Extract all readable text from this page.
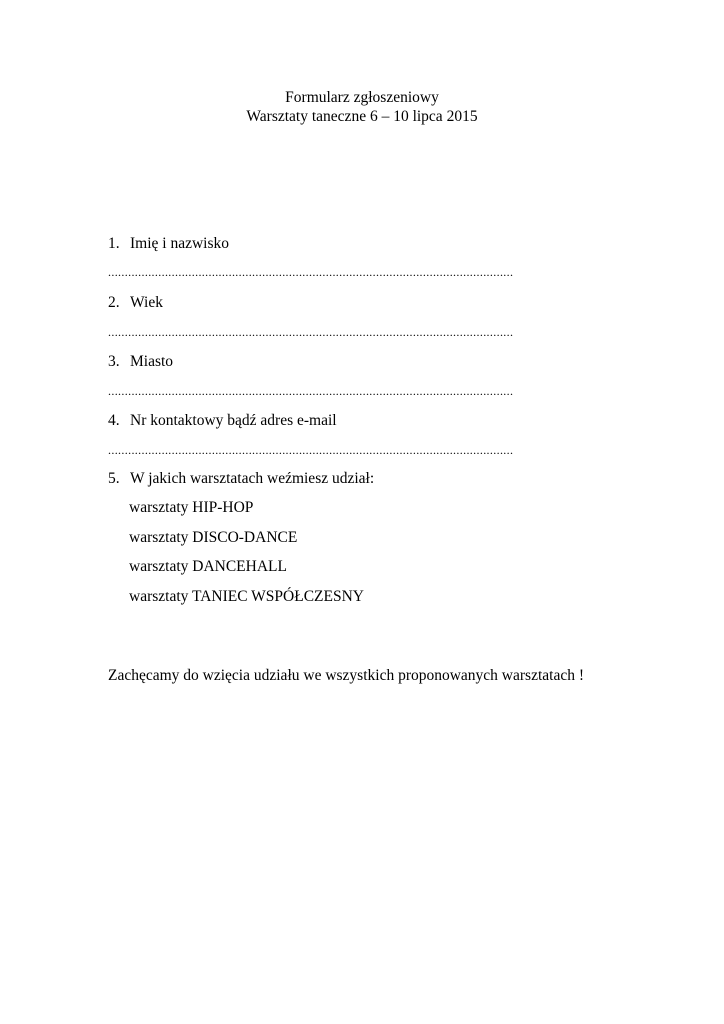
Formularz zgłoszeniowy
Warsztaty taneczne 6 – 10 lipca 2015
1. Imię i nazwisko
.........................................................................................................................
2. Wiek
.........................................................................................................................
3. Miasto
.........................................................................................................................
4. Nr kontaktowy bądź adres e-mail
.........................................................................................................................
5. W jakich warsztatach weźmiesz udział:
warsztaty HIP-HOP
warsztaty DISCO-DANCE
warsztaty DANCEHALL
warsztaty TANIEC WSPÓŁCZESNY
Zachęcamy do wzięcia udziału we wszystkich proponowanych warsztatach !
